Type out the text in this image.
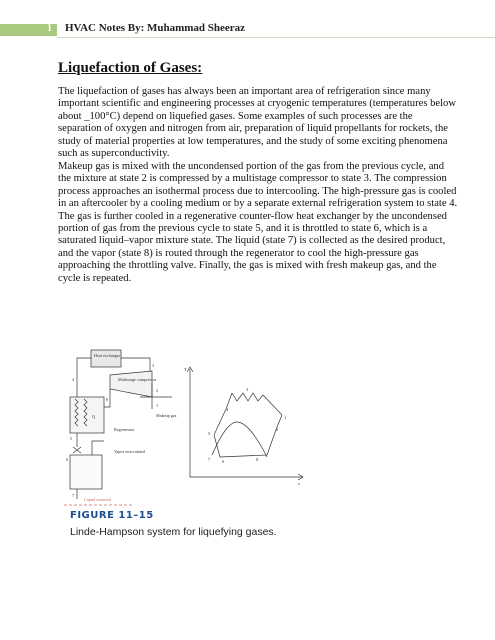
1 HVAC Notes By: Muhammad Sheeraz
Liquefaction of Gases:

The liquefaction of gases has always been an important area of refrigeration since many important scientific and engineering processes at cryogenic temperatures (temperatures below about _100°C) depend on liquefied gases. Some examples of such processes are the separation of oxygen and nitrogen from air, preparation of liquid propellants for rockets, the study of material properties at low temperatures, and the study of some exciting phenomena such as superconductivity.

Makeup gas is mixed with the uncondensed portion of the gas from the previous cycle, and the mixture at state 2 is compressed by a multistage compressor to state 3. The compression process approaches an isothermal process due to intercooling. The high-pressure gas is cooled in an aftercooler by a cooling medium or by a separate external refrigeration system to state 4. The gas is further cooled in a regenerative counter-flow heat exchanger by the uncondensed portion of gas from the previous cycle to state 5, and it is throttled to state 6, which is a saturated liquid–vapor mixture state. The liquid (state 7) is collected as the desired product, and the vapor (state 8) is routed through the regenerator to cool the high-pressure gas approaching the throttling valve. Finally, the gas is mixed with fresh makeup gas, and the cycle is repeated.

Heat exchanger
Multistage compressor
Makeup gas
Regenerator
Vapor recirculated
Liquid removed
Q
3
4
2
1
5
6
7
8
T
s
1
2
3
4
5
6
7	8
FIGURE 11–15
Linde-Hampson system for liquefying gases.
